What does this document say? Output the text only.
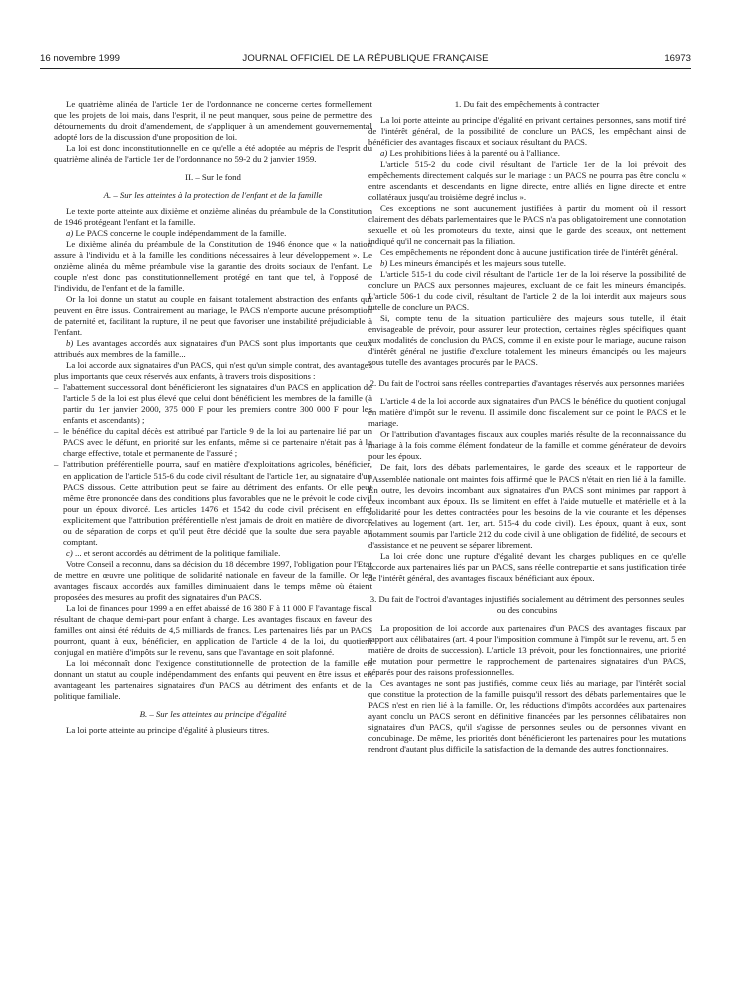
16 novembre 1999	JOURNAL OFFICIEL DE LA RÉPUBLIQUE FRANÇAISE	16973

Le quatrième alinéa de l'article 1er de l'ordonnance ne concerne certes formellement que les projets de loi mais, dans l'esprit, il ne peut manquer, sous peine de permettre des détournements du droit d'amendement, de s'appliquer à un amendement gouvernemental adopté lors de la discussion d'une proposition de loi.

La loi est donc inconstitutionnelle en ce qu'elle a été adoptée au mépris de l'esprit du quatrième alinéa de l'article 1er de l'ordonnance no 59-2 du 2 janvier 1959.

II. – Sur le fond
A. – Sur les atteintes à la protection de l'enfant et de la famille

Le texte porte atteinte aux dixième et onzième alinéas du préambule de la Constitution de 1946 protégeant l'enfant et la famille.

a) Le PACS concerne le couple indépendamment de la famille.

Le dixième alinéa du préambule de la Constitution de 1946 énonce que « la nation assure à l'individu et à la famille les conditions nécessaires à leur développement ». Le onzième alinéa du même préambule vise la garantie des droits sociaux de l'enfant. Le couple n'est donc pas constitutionnellement protégé en tant que tel, à l'opposé de l'individu, de l'enfant et de la famille.

Or la loi donne un statut au couple en faisant totalement abstraction des enfants qui peuvent en être issus. Contrairement au mariage, le PACS n'emporte aucune présomption de paternité et, facilitant la rupture, il ne peut que favoriser une instabilité préjudiciable à l'enfant.

b) Les avantages accordés aux signataires d'un PACS sont plus importants que ceux attribués aux membres de la famille...

La loi accorde aux signataires d'un PACS, qui n'est qu'un simple contrat, des avantages plus importants que ceux réservés aux enfants, à travers trois dispositions :

– l'abattement successoral dont bénéficieront les signataires d'un PACS en application de l'article 5 de la loi est plus élevé que celui dont bénéficient les membres de la famille (à partir du 1er janvier 2000, 375 000 F pour les premiers contre 300 000 F pour les enfants et ascendants) ;

– le bénéfice du capital décès est attribué par l'article 9 de la loi au partenaire lié par un PACS avec le défunt, en priorité sur les enfants, même si ce partenaire n'était pas à la charge effective, totale et permanente de l'assuré ;

– l'attribution préférentielle pourra, sauf en matière d'exploitations agricoles, bénéficier, en application de l'article 515-6 du code civil résultant de l'article 1er, au signataire d'un PACS dissous. Cette attribution peut se faire au détriment des enfants. Or elle peut même être prononcée dans des conditions plus favorables que ne le prévoit le code civil pour un époux divorcé. Les articles 1476 et 1542 du code civil précisent en effet explicitement que l'attribution préférentielle n'est jamais de droit en matière de divorce ou de séparation de corps et qu'il peut être décidé que la soulte due sera payable au comptant.

c) ... et seront accordés au détriment de la politique familiale.

Votre Conseil a reconnu, dans sa décision du 18 décembre 1997, l'obligation pour l'Etat de mettre en œuvre une politique de solidarité nationale en faveur de la famille. Or les avantages fiscaux accordés aux familles diminuaient dans le temps même où étaient proposées des mesures au profit des signataires d'un PACS.

La loi de finances pour 1999 a en effet abaissé de 16 380 F à 11 000 F l'avantage fiscal résultant de chaque demi-part pour enfant à charge. Les avantages fiscaux en faveur des familles ont ainsi été réduits de 4,5 milliards de francs. Les partenaires liés par un PACS pourront, quant à eux, bénéficier, en application de l'article 4 de la loi, du quotient conjugal en matière d'impôts sur le revenu, sans que l'avantage en soit plafonné.

La loi méconnaît donc l'exigence constitutionnelle de protection de la famille en donnant un statut au couple indépendamment des enfants qui peuvent en être issus et en avantageant les partenaires signataires d'un PACS au détriment des enfants et de la politique familiale.

B. – Sur les atteintes au principe d'égalité

La loi porte atteinte au principe d'égalité à plusieurs titres.

1. Du fait des empêchements à contracter

La loi porte atteinte au principe d'égalité en privant certaines personnes, sans motif tiré de l'intérêt général, de la possibilité de conclure un PACS, les empêchant ainsi de bénéficier des avantages fiscaux et sociaux résultant du PACS.

a) Les prohibitions liées à la parenté ou à l'alliance.

L'article 515-2 du code civil résultant de l'article 1er de la loi prévoit des empêchements directement calqués sur le mariage : un PACS ne pourra pas être conclu « entre ascendants et descendants en ligne directe, entre alliés en ligne directe et entre collatéraux jusqu'au troisième degré inclus ».

Ces exceptions ne sont aucunement justifiées à partir du moment où il ressort clairement des débats parlementaires que le PACS n'a pas obligatoirement une connotation sexuelle et où les promoteurs du texte, ainsi que le garde des sceaux, ont nettement indiqué qu'il ne concernait pas la filiation.

Ces empêchements ne répondent donc à aucune justification tirée de l'intérêt général.

b) Les mineurs émancipés et les majeurs sous tutelle.

L'article 515-1 du code civil résultant de l'article 1er de la loi réserve la possibilité de conclure un PACS aux personnes majeures, excluant de ce fait les mineurs émancipés. L'article 506-1 du code civil, résultant de l'article 2 de la loi interdit aux majeurs sous tutelle de conclure un PACS.

Si, compte tenu de la situation particulière des majeurs sous tutelle, il était envisageable de prévoir, pour assurer leur protection, certaines règles spécifiques quant aux modalités de conclusion du PACS, comme il en existe pour le mariage, aucune raison d'intérêt général ne justifie d'exclure totalement les mineurs émancipés ou les majeurs sous tutelle des avantages procurés par le PACS.

2. Du fait de l'octroi sans réelles contreparties d'avantages réservés aux personnes mariées

L'article 4 de la loi accorde aux signataires d'un PACS le bénéfice du quotient conjugal en matière d'impôt sur le revenu. Il assimile donc fiscalement sur ce point le PACS et le mariage.

Or l'attribution d'avantages fiscaux aux couples mariés résulte de la reconnaissance du mariage à la fois comme élément fondateur de la famille et comme générateur de devoirs pour les époux.

De fait, lors des débats parlementaires, le garde des sceaux et le rapporteur de l'Assemblée nationale ont maintes fois affirmé que le PACS n'était en rien lié à la famille. En outre, les devoirs incombant aux signataires d'un PACS sont minimes par rapport à ceux incombant aux époux. Ils se limitent en effet à l'aide mutuelle et matérielle et à la solidarité pour les dettes contractées pour les besoins de la vie courante et les dépenses relatives au logement (art. 1er, art. 515-4 du code civil). Les époux, quant à eux, sont notamment soumis par l'article 212 du code civil à une obligation de fidélité, de secours et d'assistance et ne peuvent se séparer librement.

La loi crée donc une rupture d'égalité devant les charges publiques en ce qu'elle accorde aux partenaires liés par un PACS, sans réelle contrepartie et sans justification tirée de l'intérêt général, des avantages fiscaux bénéficiant aux époux.

3. Du fait de l'octroi d'avantages injustifiés socialement au détriment des personnes seules ou des concubins

La proposition de loi accorde aux partenaires d'un PACS des avantages fiscaux par rapport aux célibataires (art. 4 pour l'imposition commune à l'impôt sur le revenu, art. 5 en matière de droits de succession). L'article 13 prévoit, pour les fonctionnaires, une priorité de mutation pour permettre le rapprochement de partenaires signataires d'un PACS, séparés pour des raisons professionnelles.

Ces avantages ne sont pas justifiés, comme ceux liés au mariage, par l'intérêt social que constitue la protection de la famille puisqu'il ressort des débats parlementaires que le PACS n'est en rien lié à la famille. Or, les réductions d'impôts accordées aux partenaires ayant conclu un PACS seront en définitive financées par les personnes célibataires non signataires d'un PACS, qu'il s'agisse de personnes seules ou de personnes vivant en concubinage. De même, les priorités dont bénéficieront les partenaires pour les mutations rendront d'autant plus difficile la satisfaction de la demande des autres fonctionnaires.
